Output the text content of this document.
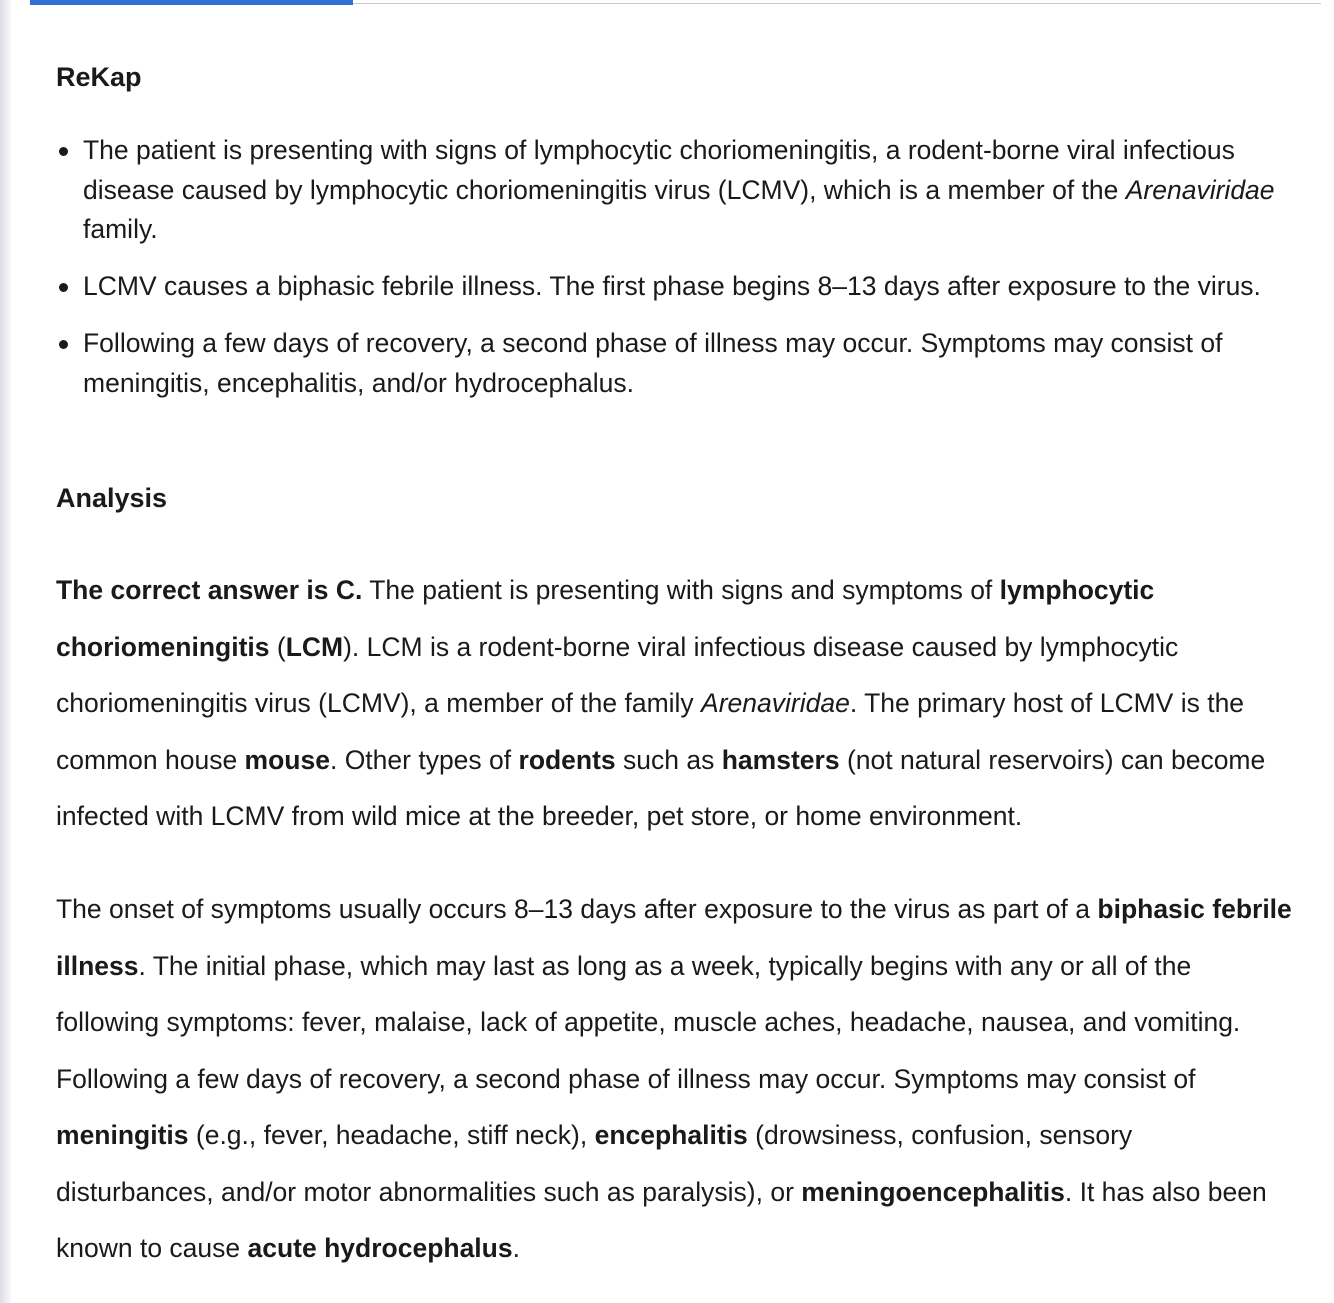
ReKap
The patient is presenting with signs of lymphocytic choriomeningitis, a rodent-borne viral infectious disease caused by lymphocytic choriomeningitis virus (LCMV), which is a member of the Arenaviridae family.
LCMV causes a biphasic febrile illness. The first phase begins 8–13 days after exposure to the virus.
Following a few days of recovery, a second phase of illness may occur. Symptoms may consist of meningitis, encephalitis, and/or hydrocephalus.
Analysis

The correct answer is C. The patient is presenting with signs and symptoms of lymphocytic choriomeningitis (LCM). LCM is a rodent-borne viral infectious disease caused by lymphocytic choriomeningitis virus (LCMV), a member of the family Arenaviridae. The primary host of LCMV is the common house mouse. Other types of rodents such as hamsters (not natural reservoirs) can become infected with LCMV from wild mice at the breeder, pet store, or home environment.

The onset of symptoms usually occurs 8–13 days after exposure to the virus as part of a biphasic febrile illness. The initial phase, which may last as long as a week, typically begins with any or all of the following symptoms: fever, malaise, lack of appetite, muscle aches, headache, nausea, and vomiting. Following a few days of recovery, a second phase of illness may occur. Symptoms may consist of meningitis (e.g., fever, headache, stiff neck), encephalitis (drowsiness, confusion, sensory disturbances, and/or motor abnormalities such as paralysis), or meningoencephalitis. It has also been known to cause acute hydrocephalus.
